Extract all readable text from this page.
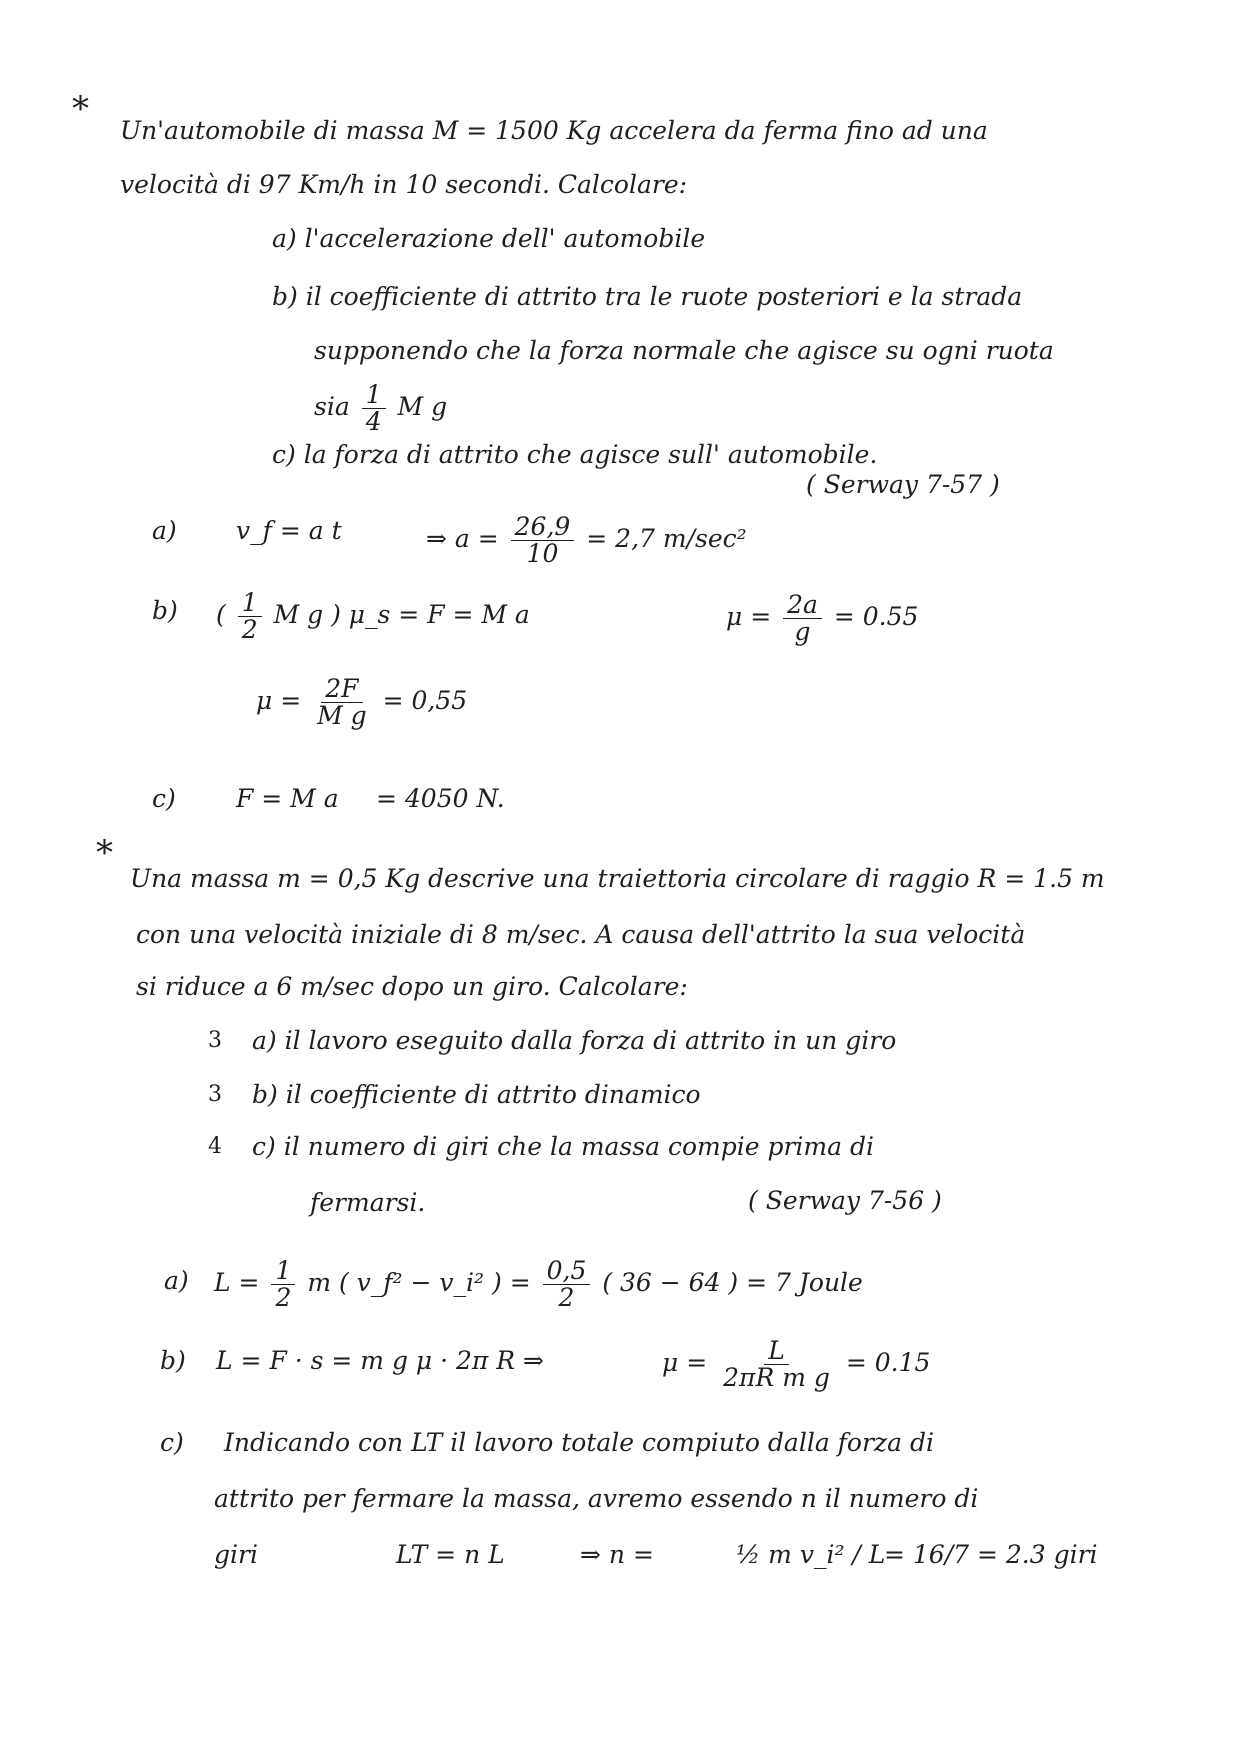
*
Un'automobile di massa M = 1500 Kg accelera da ferma fino ad una
velocità di 97 Km/h in 10 secondi. Calcolare:
a) l'accelerazione dell' automobile
b) il coefficiente di attrito tra le ruote posteriori e la strada
supponendo che la forza normale che agisce su ogni ruota
sia $\frac{1}{4}$ M g
c) la forza di attrito che agisce sull' automobile.
( Serway 7-57 )
a) v_f = a t	⇒ $a = \frac{26,9}{10} = 2,7$ m/sec²
b) ( $\frac{1}{2}$ M g ) μ_s = F = M a	$\mu = \frac{2a}{g} = 0.55$
$\mu = \frac{2F}{\text{M g}} = 0,55$
c) F = M a = 4050 N.
*
Una massa m = 0,5 Kg descrive una traiettoria circolare di raggio R = 1.5 m
con una velocità iniziale di 8 m/sec. A causa dell'attrito la sua velocità
si riduce a 6 m/sec dopo un giro. Calcolare:
3 a) il lavoro eseguito dalla forza di attrito in un giro
3 b) il coefficiente di attrito dinamico
4 c) il numero di giri che la massa compie prima di
fermarsi.	( Serway 7-56 )
a) $L = \frac{1}{2}$ m ( v_f² − v_i² ) = $\frac{0,5}{2}$ ( 36 − 64 ) = 7 Joule
b) L = F · s = m g μ · 2π R ⇒	$\mu = \frac{L}{\text{2πR m g}} = 0.15$
c) Indicando con LT il lavoro totale compiuto dalla forza di
attrito per fermare la massa, avremo essendo n il numero di
giri	LT = n L	⇒ n =	½ m v_i² / L
= 16/7 = 2.3 giri
